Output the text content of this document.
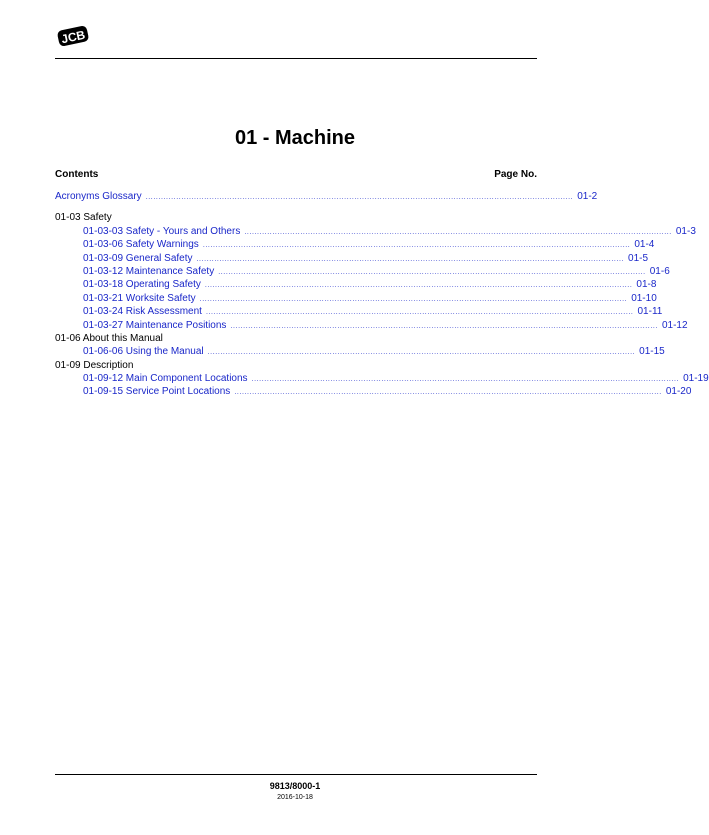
JCB
01 - Machine
Contents	Page No.
Acronyms Glossary ........................................................................................................................................................................ 01-2
01-03 Safety
01-03-03 Safety - Yours and Others ........................................................................................................................................................................ 01-3
01-03-06 Safety Warnings ........................................................................................................................................................................ 01-4
01-03-09 General Safety ........................................................................................................................................................................ 01-5
01-03-12 Maintenance Safety ........................................................................................................................................................................ 01-6
01-03-18 Operating Safety ........................................................................................................................................................................ 01-8
01-03-21 Worksite Safety ........................................................................................................................................................................ 01-10
01-03-24 Risk Assessment ........................................................................................................................................................................ 01-11
01-03-27 Maintenance Positions ........................................................................................................................................................................ 01-12
01-06 About this Manual
01-06-06 Using the Manual ........................................................................................................................................................................ 01-15
01-09 Description
01-09-12 Main Component Locations ........................................................................................................................................................................ 01-19
01-09-15 Service Point Locations ........................................................................................................................................................................ 01-20
9813/8000-1
2016-10-18
